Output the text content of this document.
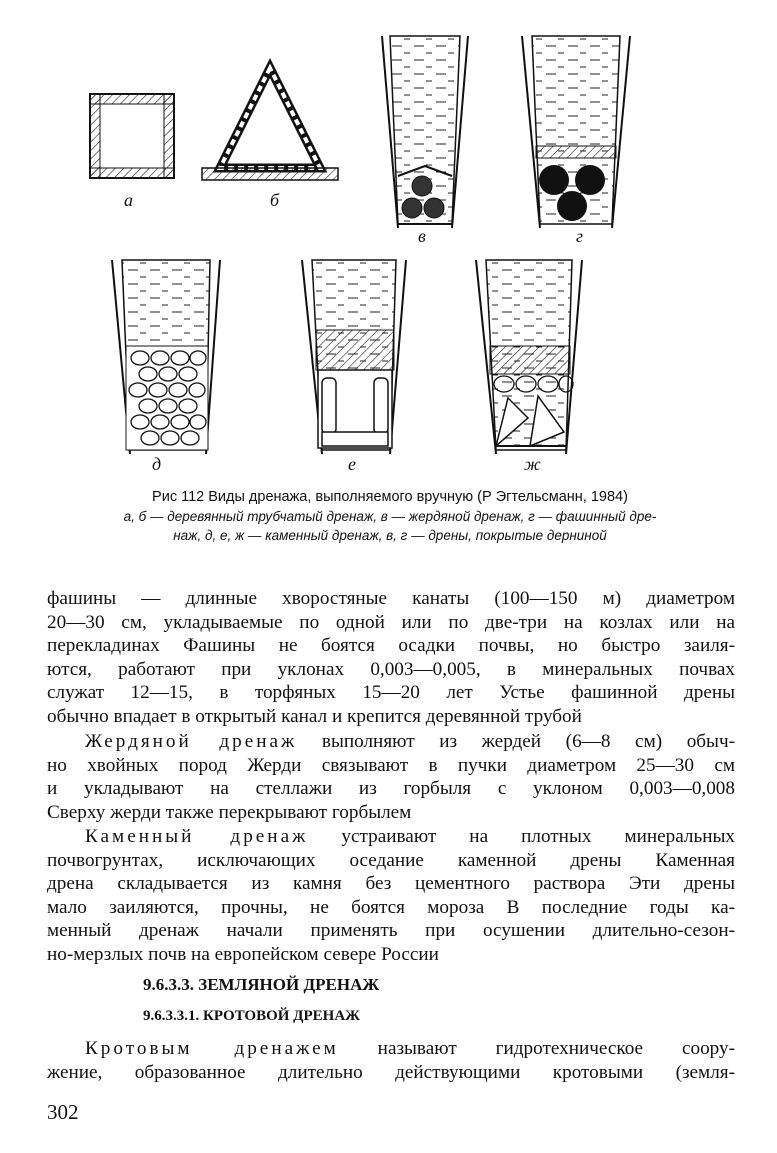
а	б
в	г
д	е	ж
Рис 112 Виды дренажа, выполняемого вручную (Р Эгтельсманн, 1984)
а, б — деревянный трубчатый дренаж, в — жердяной дренаж, г — фашинный дре-
наж, д, е, ж — каменный дренаж, в, г — дрены, покрытые дерниной
фашины — длинные хворостяные канаты (100—150 м) диаметром
20—30 см, укладываемые по одной или по две-три на козлах или на
перекладинах Фашины не боятся осадки почвы, но быстро заиля-
ются, работают при уклонах 0,003—0,005, в минеральных почвах
служат 12—15, в торфяных 15—20 лет Устье фашинной дрены
обычно впадает в открытый канал и крепится деревянной трубой
Жердяной дренаж выполняют из жердей (6—8 см) обыч-
но хвойных пород Жерди связывают в пучки диаметром 25—30 см
и укладывают на стеллажи из горбыля с уклоном 0,003—0,008
Сверху жерди также перекрывают горбылем
Каменный дренаж устраивают на плотных минеральных
почвогрунтах, исключающих оседание каменной дрены Каменная
дрена складывается из камня без цементного раствора Эти дрены
мало заиляются, прочны, не боятся мороза В последние годы ка-
менный дренаж начали применять при осушении длительно-сезон-
но-мерзлых почв на европейском севере России
9.6.3.3. ЗЕМЛЯНОЙ ДРЕНАЖ
9.6.3.3.1. КРОТОВОЙ ДРЕНАЖ
Кротовым дренажем называют гидротехническое соору-
жение, образованное длительно действующими кротовыми (земля-
302
